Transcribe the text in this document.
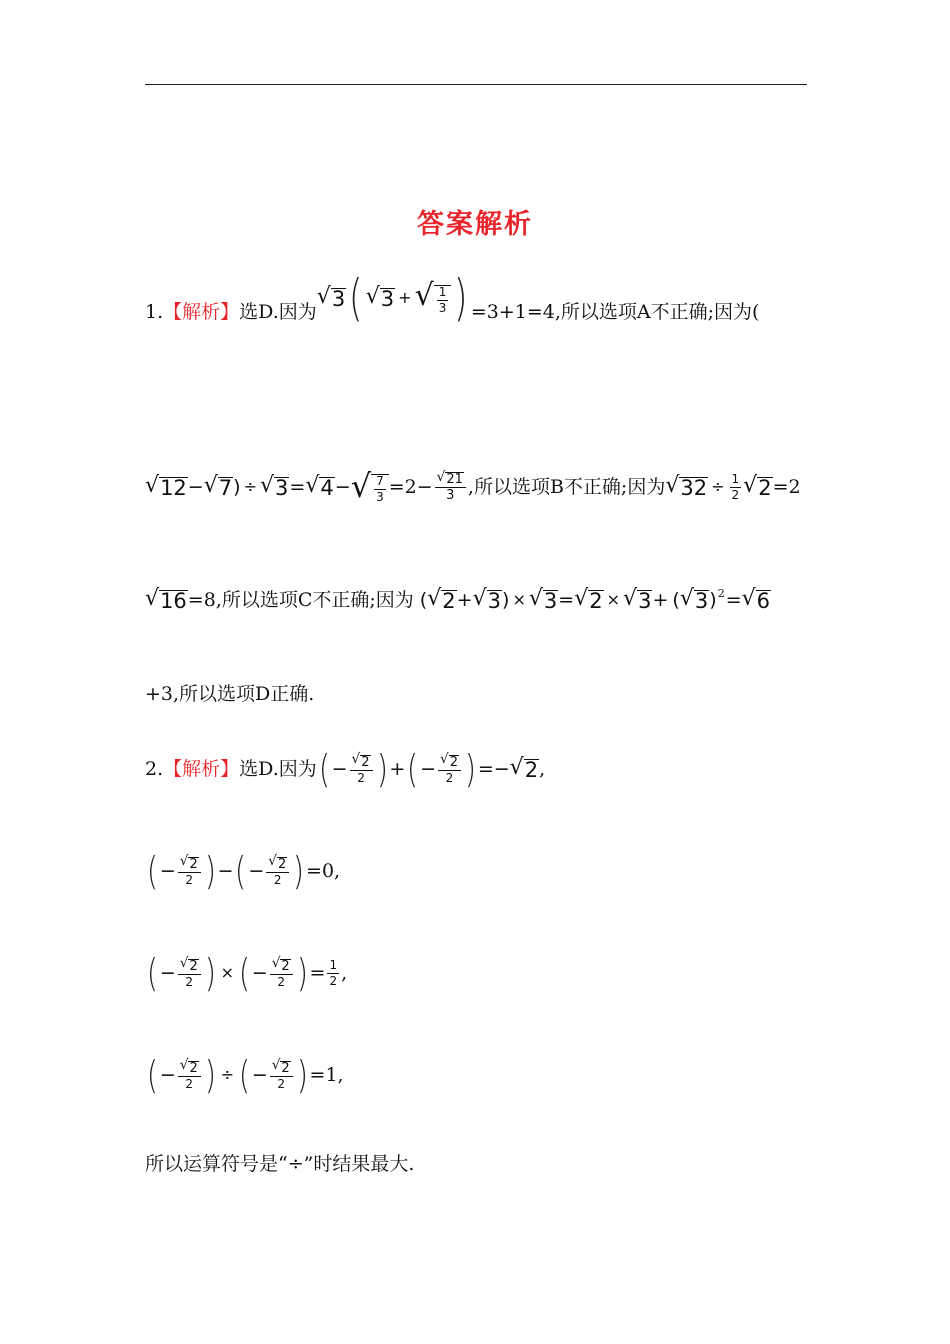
答案解析
1. 【解析】 选D.因为
√ 3 ( √ 3 + √ $\frac{1}{3}$ ) =3+1=4,所以选项A不正确;因为(
√ 12 − √ 7 ) ÷ √ 3 = √ 4 − √ $\frac{7}{3} =2- \frac{√ 21}{3}$ ,所以选项B不正确;因为 √ $32 \div \frac{1}{2}$ √ 2 =2
√ 16 =8,所以选项C不正确;因为 ( √ 2 + √ 3 ) × √ 3 = √ 2 × √ 3 + ( √ 3 ) 2 = √ 6
+3,所以选项D正确.
2. 【解析】 选D.因为 ( − $\frac{√ 2}{2}$ ) + ( − $\frac{√ 2}{2}$ ) =− √ 2 ,
( − $\frac{√ 2}{2}$ ) − ( − $\frac{√ 2}{2}$ ) =0,
( − $\frac{√ 2}{2}$ ) × ( − $\frac{√ 2}{2}$ ) = $\frac{1}{2}$ ,
( − $\frac{√ 2}{2}$ ) ÷ ( − $\frac{√ 2}{2}$ ) =1,
所以运算符号是“÷”时结果最大.
